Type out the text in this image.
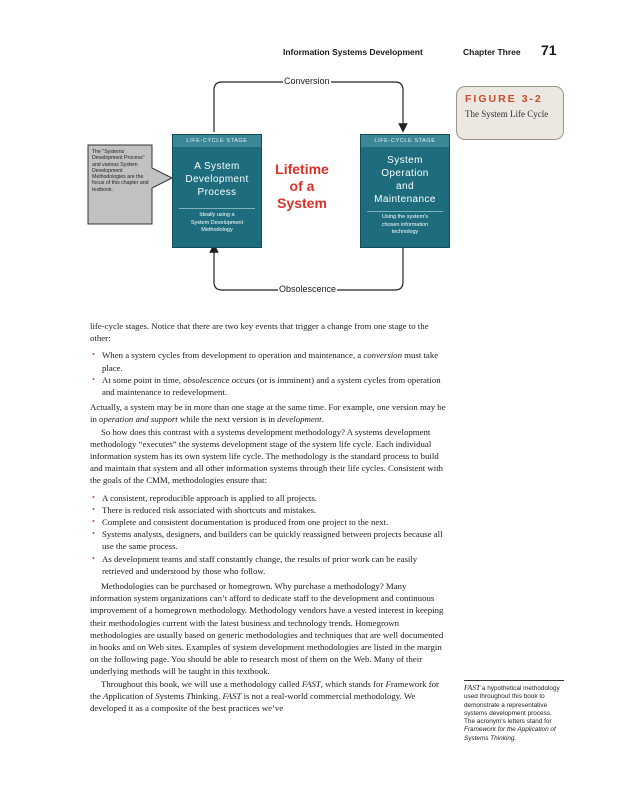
Information Systems Development	Chapter Three 71
FIGURE 3-2
The System Life Cycle
The "Systems Development Process" and various System Development Methodologies are the focus of this chapter and textbook.
Conversion
Obsolescence
LIFE-CYCLE STAGE
A System
Development
Process
Ideally using a
System Development
Methodology
Lifetime
of a
System
LIFE-CYCLE STAGE
System
Operation
and
Maintenance
Using the system's
chosen information
technology

life-cycle stages. Notice that there are two key events that trigger a change from one stage to the other:

• When a system cycles from development to operation and maintenance, a conversion must take place.
• At some point in time, obsolescence occurs (or is imminent) and a system cycles from operation and maintenance to redevelopment.

Actually, a system may be in more than one stage at the same time. For example, one version may be in operation and support while the next version is in development.

So how does this contrast with a systems development methodology? A systems development methodology “executes” the systems development stage of the system life cycle. Each individual information system has its own system life cycle. The methodology is the standard process to build and maintain that system and all other information systems through their life cycles. Consistent with the goals of the CMM, methodologies ensure that:

• A consistent, reproducible approach is applied to all projects.
• There is reduced risk associated with shortcuts and mistakes.
• Complete and consistent documentation is produced from one project to the next.
• Systems analysts, designers, and builders can be quickly reassigned between projects because all use the same process.
• As development teams and staff constantly change, the results of prior work can be easily retrieved and understood by those who follow.

Methodologies can be purchased or homegrown. Why purchase a methodology? Many information system organizations can’t afford to dedicate staff to the development and continuous improvement of a homegrown methodology. Methodology vendors have a vested interest in keeping their methodologies current with the latest business and technology trends. Homegrown methodologies are usually based on generic methodologies and techniques that are well documented in books and on Web sites. Examples of system development methodologies are listed in the margin on the following page. You should be able to research most of them on the Web. Many of their underlying methods will be taught in this textbook.

Throughout this book, we will use a methodology called FAST, which stands for Framework for the Application of Systems Thinking. FAST is not a real-world commercial methodology. We developed it as a composite of the best practices we’ve

FAST a hypothetical methodology used throughout this book to demonstrate a representative systems development process. The acronym’s letters stand for Framework for the Application of Systems Thinking.
